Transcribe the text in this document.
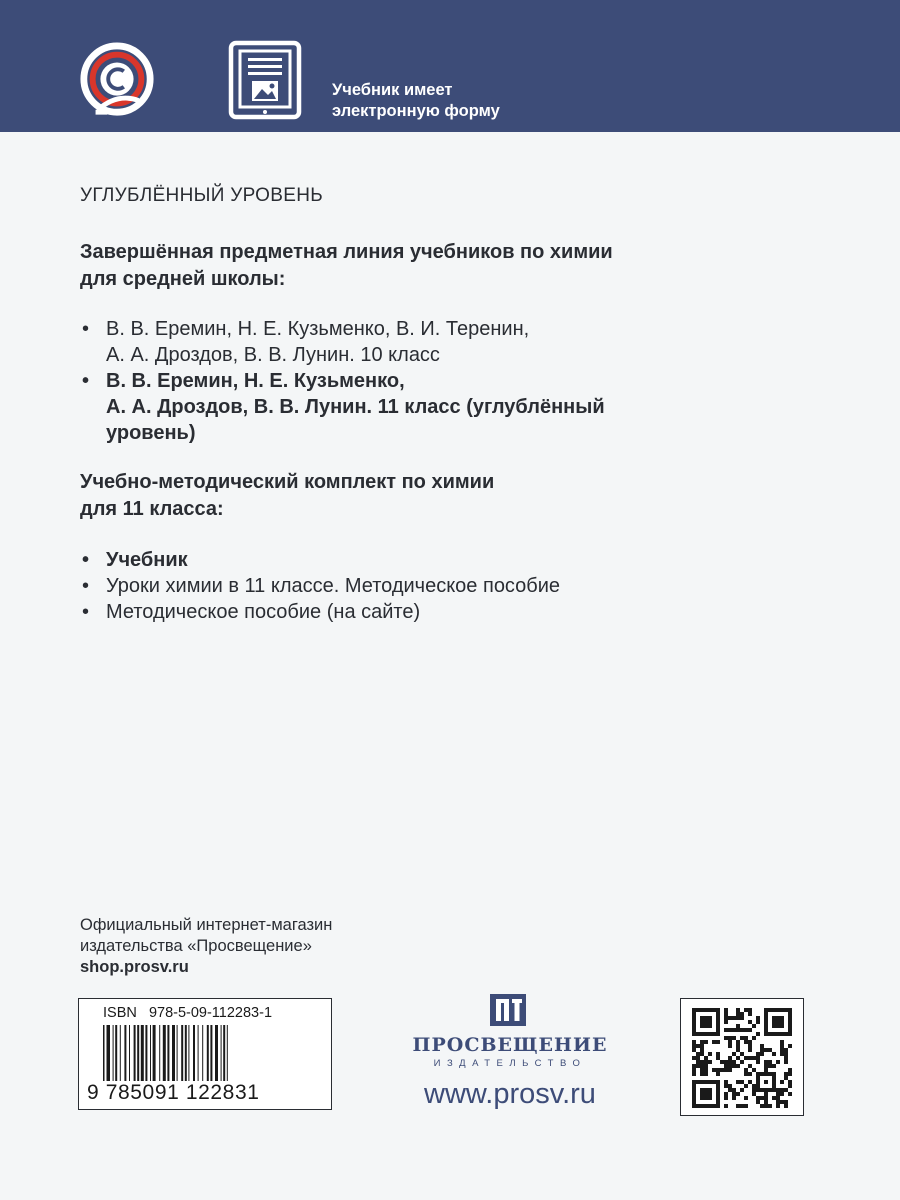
Учебник имеет
электронную форму
УГЛУБЛЁННЫЙ УРОВЕНЬ
Завершённая предметная линия учебников по химии
для средней школы:
• В. В. Еремин, Н. Е. Кузьменко, В. И. Теренин,
А. А. Дроздов, В. В. Лунин. 10 класс
• В. В. Еремин, Н. Е. Кузьменко,
А. А. Дроздов, В. В. Лунин. 11 класс (углублённый
уровень)
Учебно-методический комплект по химии
для 11 класса:
• Учебник
• Уроки химии в 11 классе. Методическое пособие
• Методическое пособие (на сайте)
Официальный интернет-магазин
издательства «Просвещение»
shop.prosv.ru
ISBN 978-5-09-112283-1
9 785091 122831
ПРОСВЕЩЕНИЕ
ИЗДАТЕЛЬСТВО
www.prosv.ru
